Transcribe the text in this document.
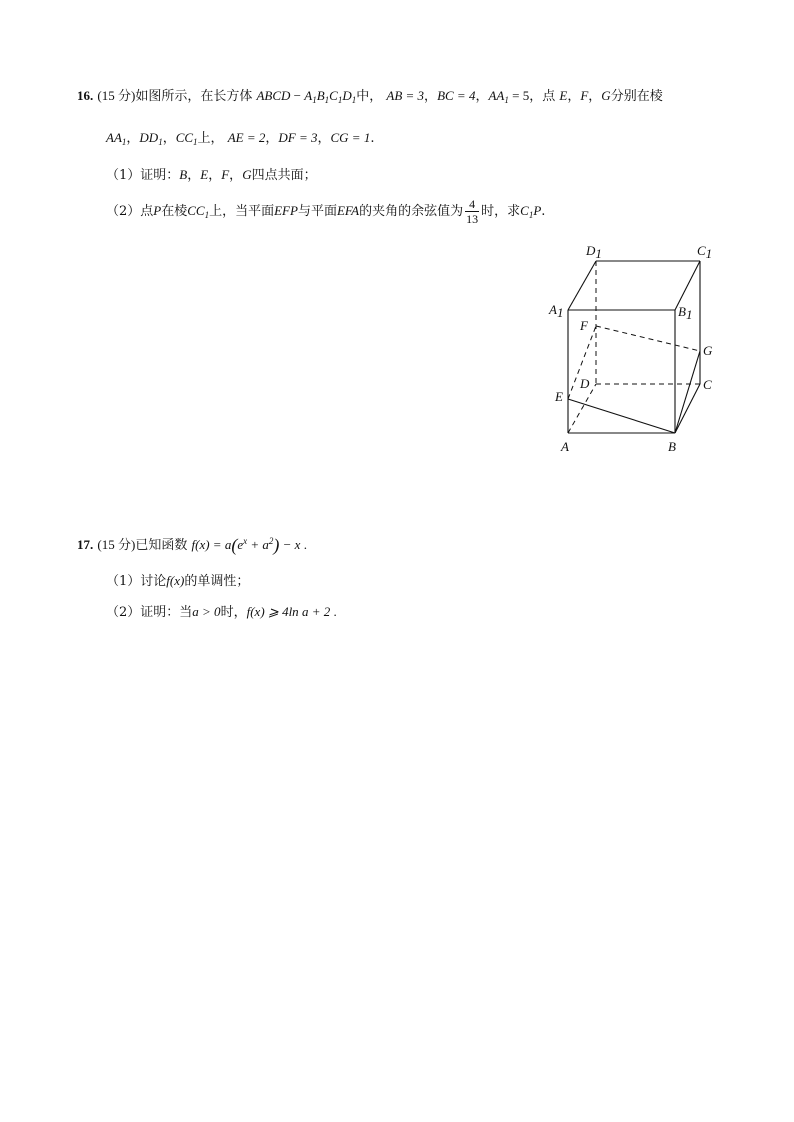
16. (15 分)如图所示，在长方体 ABCD − $A_1B_1C_1D_1$中， AB = 3，BC = 4，$AA_1 = 5$，点 E，F，G分别在棱
$AA_1$，$DD_1$，$CC_1$上， AE = 2，DF = 3，CG = 1.
（1）证明：B，E，F，G四点共面；
（2）点P在棱$CC_1$上，当平面EFP与平面EFA的夹角的余弦值为 $\frac{4}{13}$ 时，求$C_1P$.
D1	C1
A1	B1
F
G
D	C
E
A	B
17. (15 分)已知函数 $f(x) = a(e^x + a^2) - x$ .
（1）讨论f(x)的单调性；
（2）证明：当a > 0时，f(x) ⩾ 4ln a + 2 .
